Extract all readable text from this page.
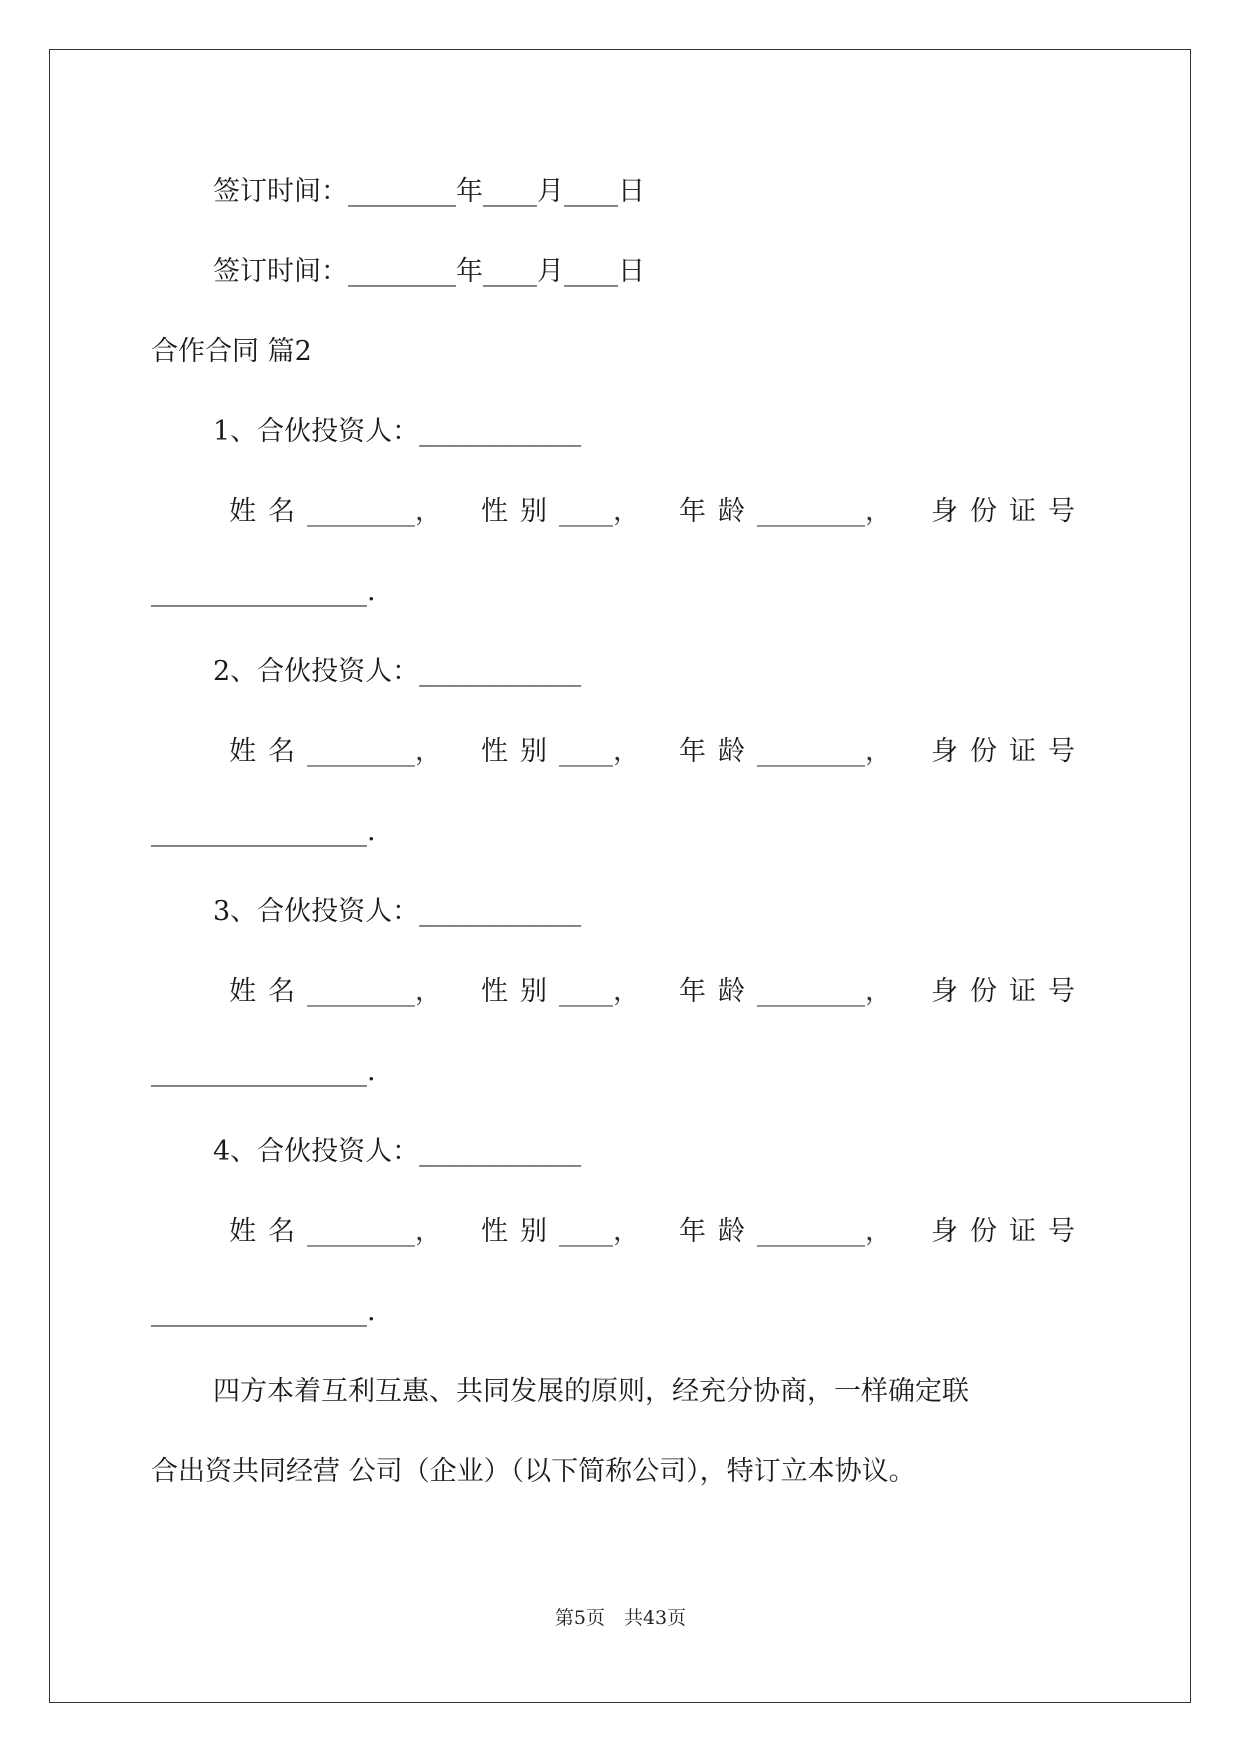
签订时间：________年____月____日
签订时间：________年____月____日
合作合同 篇2
1、合伙投资人：____________
姓名________， 性别____， 年龄________， 身份证号
________________.
2、合伙投资人：____________
姓名________， 性别____， 年龄________， 身份证号
________________.
3、合伙投资人：____________
姓名________， 性别____， 年龄________， 身份证号
________________.
4、合伙投资人：____________
姓名________， 性别____， 年龄________， 身份证号
________________.
四方本着互利互惠、共同发展的原则，经充分协商，一样确定联
合出资共同经营 公司（企业）（以下简称公司），特订立本协议。
第5页　共43页
